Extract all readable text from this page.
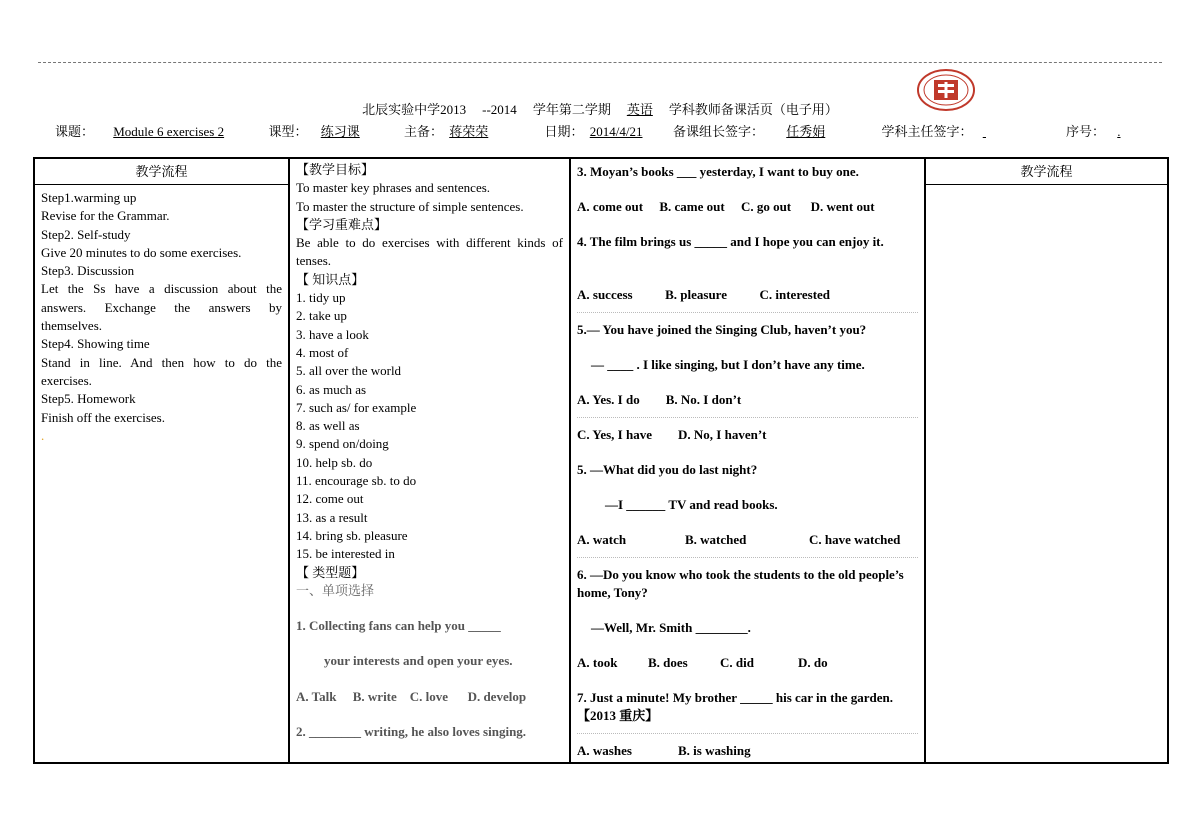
北辰实验中学2013 --2014 学年第二学期 英语 学科教师备课活页（电子用）
课题： Module 6 exercises 2	课型： 练习课	主备： 蒋荣荣	日期： 2014/4/21 备课组长签字： 任秀娟	学科主任签字：	序号： .
教学流程

Step1.warming up

Revise for the Grammar.

Step2. Self-study

Give 20 minutes to do some exercises.

Step3. Discussion

Let the Ss have a discussion about the answers. Exchange the answers by themselves.

Step4. Showing time

Stand in line. And then how to do the exercises.

Step5. Homework

Finish off the exercises.

.

【教学目标】

To master key phrases and sentences.

To master the structure of simple sentences.

【学习重难点】

Be able to do exercises with different kinds of tenses.

【 知识点】

1. tidy up
2. take up
3. have a look
4. most of
5. all over the world
6. as much as
7. such as/ for example
8. as well as
9. spend on/doing
10. help sb. do
11. encourage sb. to do
12. come out
13. as a result
14. bring sb. pleasure
15. be interested in

【 类型题】

一、单项选择

1. Collecting fans can help you _____

your interests and open your eyes.

A. Talk B. write C. love D. develop

2. ________ writing, he also loves singing.

3. Moyan’s books ___ yesterday, I want to buy one.

A. come out B. came out C. go out D. went out

4. The film brings us _____ and I hope you can enjoy it.

A. success	B. pleasure	C. interested

5.— You have joined the Singing Club, haven’t you?

— ____ . I like singing, but I don’t have any time.

A. Yes. I do B. No. I don’t

C. Yes, I have D. No, I haven’t

5. —What did you do last night?

—I ______ TV and read books.

A. watch	B. watched	C. have watched

6. —Do you know who took the students to the old people’s home, Tony?

—Well, Mr. Smith ________.

A. took B. does C. did	D. do

7. Just a minute! My brother _____ his car in the garden. 【2013 重庆】

A. washes	B. is washing

教学流程
